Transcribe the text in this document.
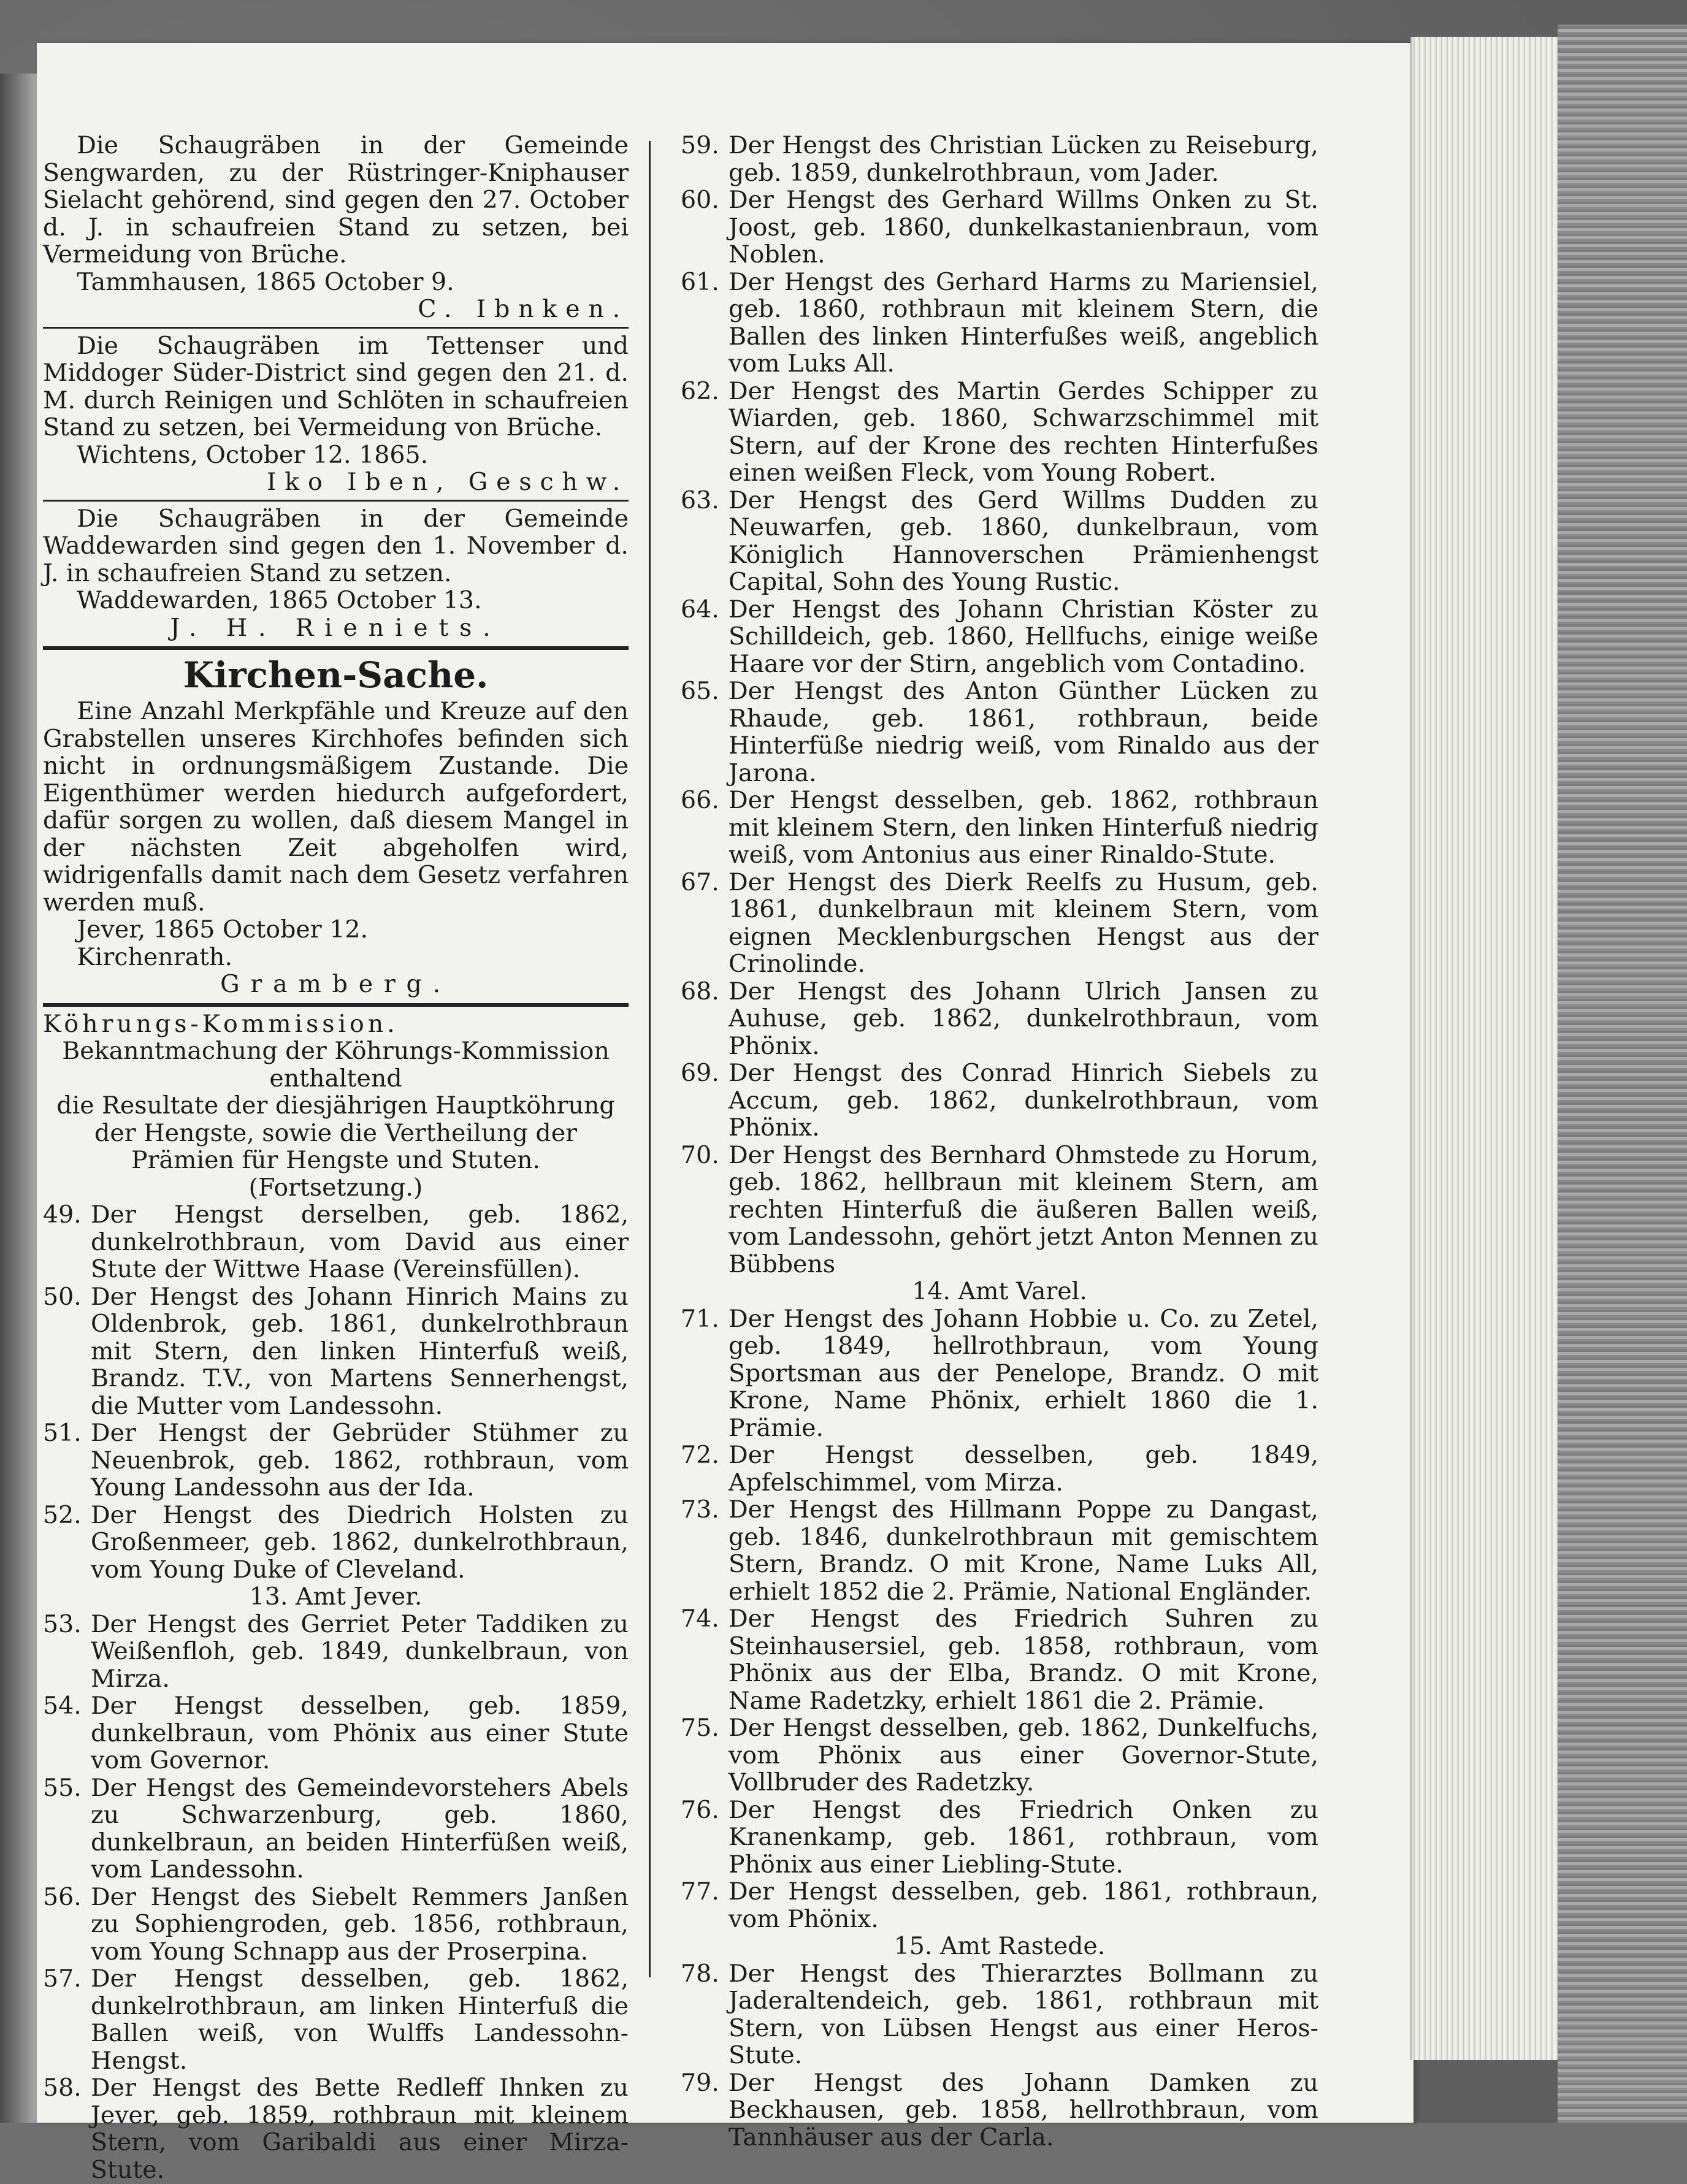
Die Schaugräben in der Gemeinde Sengwarden, zu der Rüstringer-Kniphauser Sielacht gehörend, sind gegen den 27. October d. J. in schaufreien Stand zu setzen, bei Vermeidung von Brüche.

Tammhausen, 1865 October 9.

C. Ibnken.

Die Schaugräben im Tettenser und Middoger Süder-District sind gegen den 21. d. M. durch Reinigen und Schlöten in schaufreien Stand zu setzen, bei Vermeidung von Brüche.

Wichtens, October 12. 1865.

Iko Iben, Geschw.

Die Schaugräben in der Gemeinde Waddewarden sind gegen den 1. November d. J. in schaufreien Stand zu setzen.

Waddewarden, 1865 October 13.

J. H. Rieniets.

Kirchen-Sache.

Eine Anzahl Merkpfähle und Kreuze auf den Grabstellen unseres Kirchhofes befinden sich nicht in ordnungsmäßigem Zustande. Die Eigenthümer werden hiedurch aufgefordert, dafür sorgen zu wollen, daß diesem Mangel in der nächsten Zeit abgeholfen wird, widrigenfalls damit nach dem Gesetz verfahren werden muß.

Jever, 1865 October 12.

Kirchenrath.

Gramberg.

Köhrungs-Kommission.

Bekanntmachung der Köhrungs-Kommission

enthaltend

die Resultate der diesjährigen Hauptköhrung der Hengste, sowie die Vertheilung der Prämien für Hengste und Stuten.

(Fortsetzung.)

49. Der Hengst derselben, geb. 1862, dunkelrothbraun, vom David aus einer Stute der Wittwe Haase (Vereinsfüllen).

50. Der Hengst des Johann Hinrich Mains zu Oldenbrok, geb. 1861, dunkelrothbraun mit Stern, den linken Hinterfuß weiß, Brandz. T.V., von Martens Sennerhengst, die Mutter vom Landessohn.

51. Der Hengst der Gebrüder Stühmer zu Neuenbrok, geb. 1862, rothbraun, vom Young Landessohn aus der Ida.

52. Der Hengst des Diedrich Holsten zu Großenmeer, geb. 1862, dunkelrothbraun, vom Young Duke of Cleveland.

13. Amt Jever.

53. Der Hengst des Gerriet Peter Taddiken zu Weißenfloh, geb. 1849, dunkelbraun, von Mirza.

54. Der Hengst desselben, geb. 1859, dunkelbraun, vom Phönix aus einer Stute vom Governor.

55. Der Hengst des Gemeindevorstehers Abels zu Schwarzenburg, geb. 1860, dunkelbraun, an beiden Hinterfüßen weiß, vom Landessohn.

56. Der Hengst des Siebelt Remmers Janßen zu Sophiengroden, geb. 1856, rothbraun, vom Young Schnapp aus der Proserpina.

57. Der Hengst desselben, geb. 1862, dunkelrothbraun, am linken Hinterfuß die Ballen weiß, von Wulffs Landessohn-Hengst.

58. Der Hengst des Bette Redleff Ihnken zu Jever, geb. 1859, rothbraun mit kleinem Stern, vom Garibaldi aus einer Mirza-Stute.

59. Der Hengst des Christian Lücken zu Reiseburg, geb. 1859, dunkelrothbraun, vom Jader.

60. Der Hengst des Gerhard Willms Onken zu St. Joost, geb. 1860, dunkelkastanienbraun, vom Noblen.

61. Der Hengst des Gerhard Harms zu Mariensiel, geb. 1860, rothbraun mit kleinem Stern, die Ballen des linken Hinterfußes weiß, angeblich vom Luks All.

62. Der Hengst des Martin Gerdes Schipper zu Wiarden, geb. 1860, Schwarzschimmel mit Stern, auf der Krone des rechten Hinterfußes einen weißen Fleck, vom Young Robert.

63. Der Hengst des Gerd Willms Dudden zu Neuwarfen, geb. 1860, dunkelbraun, vom Königlich Hannoverschen Prämienhengst Capital, Sohn des Young Rustic.

64. Der Hengst des Johann Christian Köster zu Schilldeich, geb. 1860, Hellfuchs, einige weiße Haare vor der Stirn, angeblich vom Contadino.

65. Der Hengst des Anton Günther Lücken zu Rhaude, geb. 1861, rothbraun, beide Hinterfüße niedrig weiß, vom Rinaldo aus der Jarona.

66. Der Hengst desselben, geb. 1862, rothbraun mit kleinem Stern, den linken Hinterfuß niedrig weiß, vom Antonius aus einer Rinaldo-Stute.

67. Der Hengst des Dierk Reelfs zu Husum, geb. 1861, dunkelbraun mit kleinem Stern, vom eignen Mecklenburgschen Hengst aus der Crinolinde.

68. Der Hengst des Johann Ulrich Jansen zu Auhuse, geb. 1862, dunkelrothbraun, vom Phönix.

69. Der Hengst des Conrad Hinrich Siebels zu Accum, geb. 1862, dunkelrothbraun, vom Phönix.

70. Der Hengst des Bernhard Ohmstede zu Horum, geb. 1862, hellbraun mit kleinem Stern, am rechten Hinterfuß die äußeren Ballen weiß, vom Landessohn, gehört jetzt Anton Mennen zu Bübbens

14. Amt Varel.

71. Der Hengst des Johann Hobbie u. Co. zu Zetel, geb. 1849, hellrothbraun, vom Young Sportsman aus der Penelope, Brandz. O mit Krone, Name Phönix, erhielt 1860 die 1. Prämie.

72. Der Hengst desselben, geb. 1849, Apfelschimmel, vom Mirza.

73. Der Hengst des Hillmann Poppe zu Dangast, geb. 1846, dunkelrothbraun mit gemischtem Stern, Brandz. O mit Krone, Name Luks All, erhielt 1852 die 2. Prämie, National Engländer.

74. Der Hengst des Friedrich Suhren zu Steinhausersiel, geb. 1858, rothbraun, vom Phönix aus der Elba, Brandz. O mit Krone, Name Radetzky, erhielt 1861 die 2. Prämie.

75. Der Hengst desselben, geb. 1862, Dunkelfuchs, vom Phönix aus einer Governor-Stute, Vollbruder des Radetzky.

76. Der Hengst des Friedrich Onken zu Kranenkamp, geb. 1861, rothbraun, vom Phönix aus einer Liebling-Stute.

77. Der Hengst desselben, geb. 1861, rothbraun, vom Phönix.

15. Amt Rastede.

78. Der Hengst des Thierarztes Bollmann zu Jaderaltendeich, geb. 1861, rothbraun mit Stern, von Lübsen Hengst aus einer Heros-Stute.

79. Der Hengst des Johann Damken zu Beckhausen, geb. 1858, hellrothbraun, vom Tannhäuser aus der Carla.
